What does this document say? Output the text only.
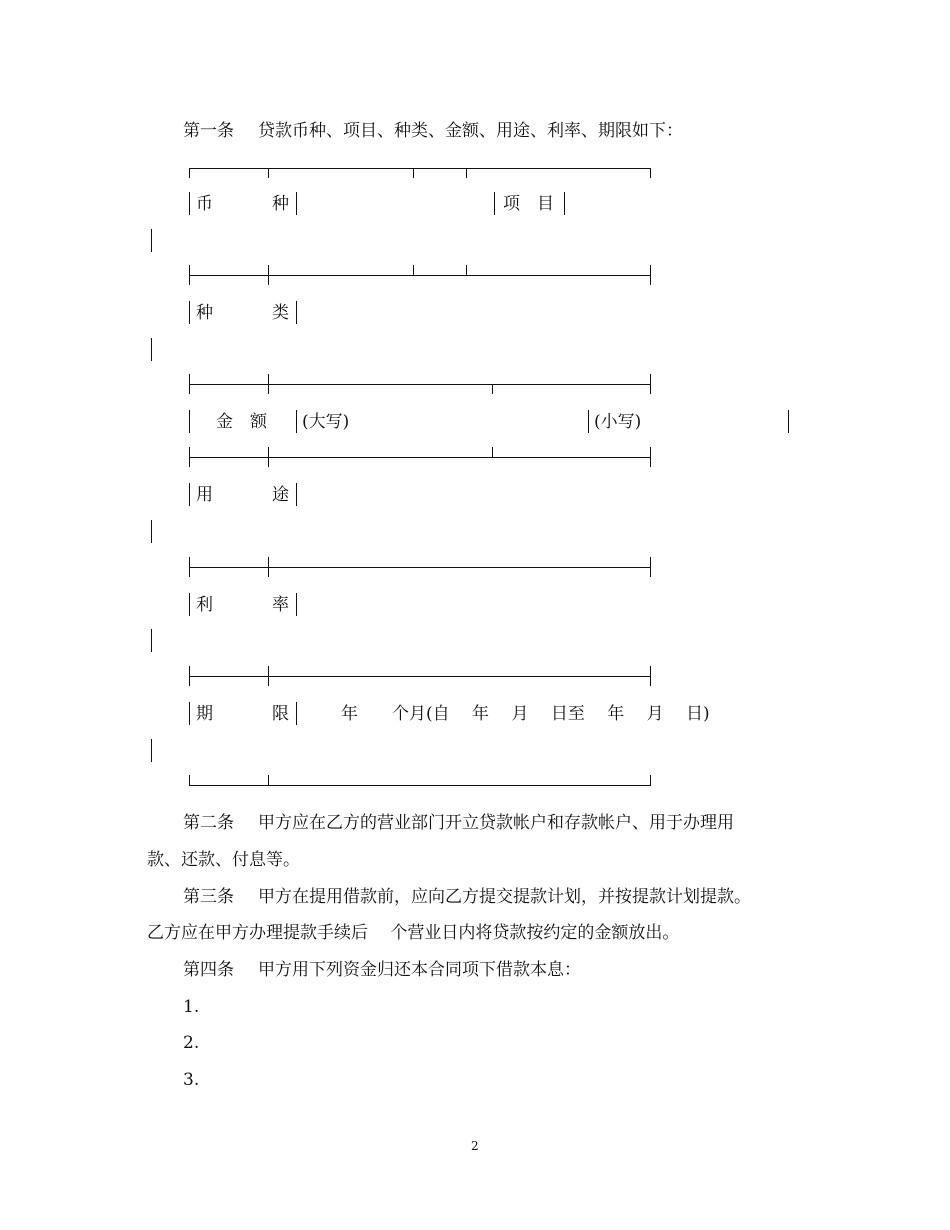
第一条 贷款币种、项目、种类、金额、用途、利率、期限如下：
币	种	项　目
种	类
金　额 (大写)	(小写)
用	途
利	率
期	限	年　　个月(自　 年　 月　 日至　 年　 月　 日)
第二条 甲方应在乙方的营业部门开立贷款帐户和存款帐户、用于办理用
款、还款、付息等。
第三条 甲方在提用借款前，应向乙方提交提款计划，并按提款计划提款。
乙方应在甲方办理提款手续后　 个营业日内将贷款按约定的金额放出。
第四条 甲方用下列资金归还本合同项下借款本息：
1.
2.
3.
2
